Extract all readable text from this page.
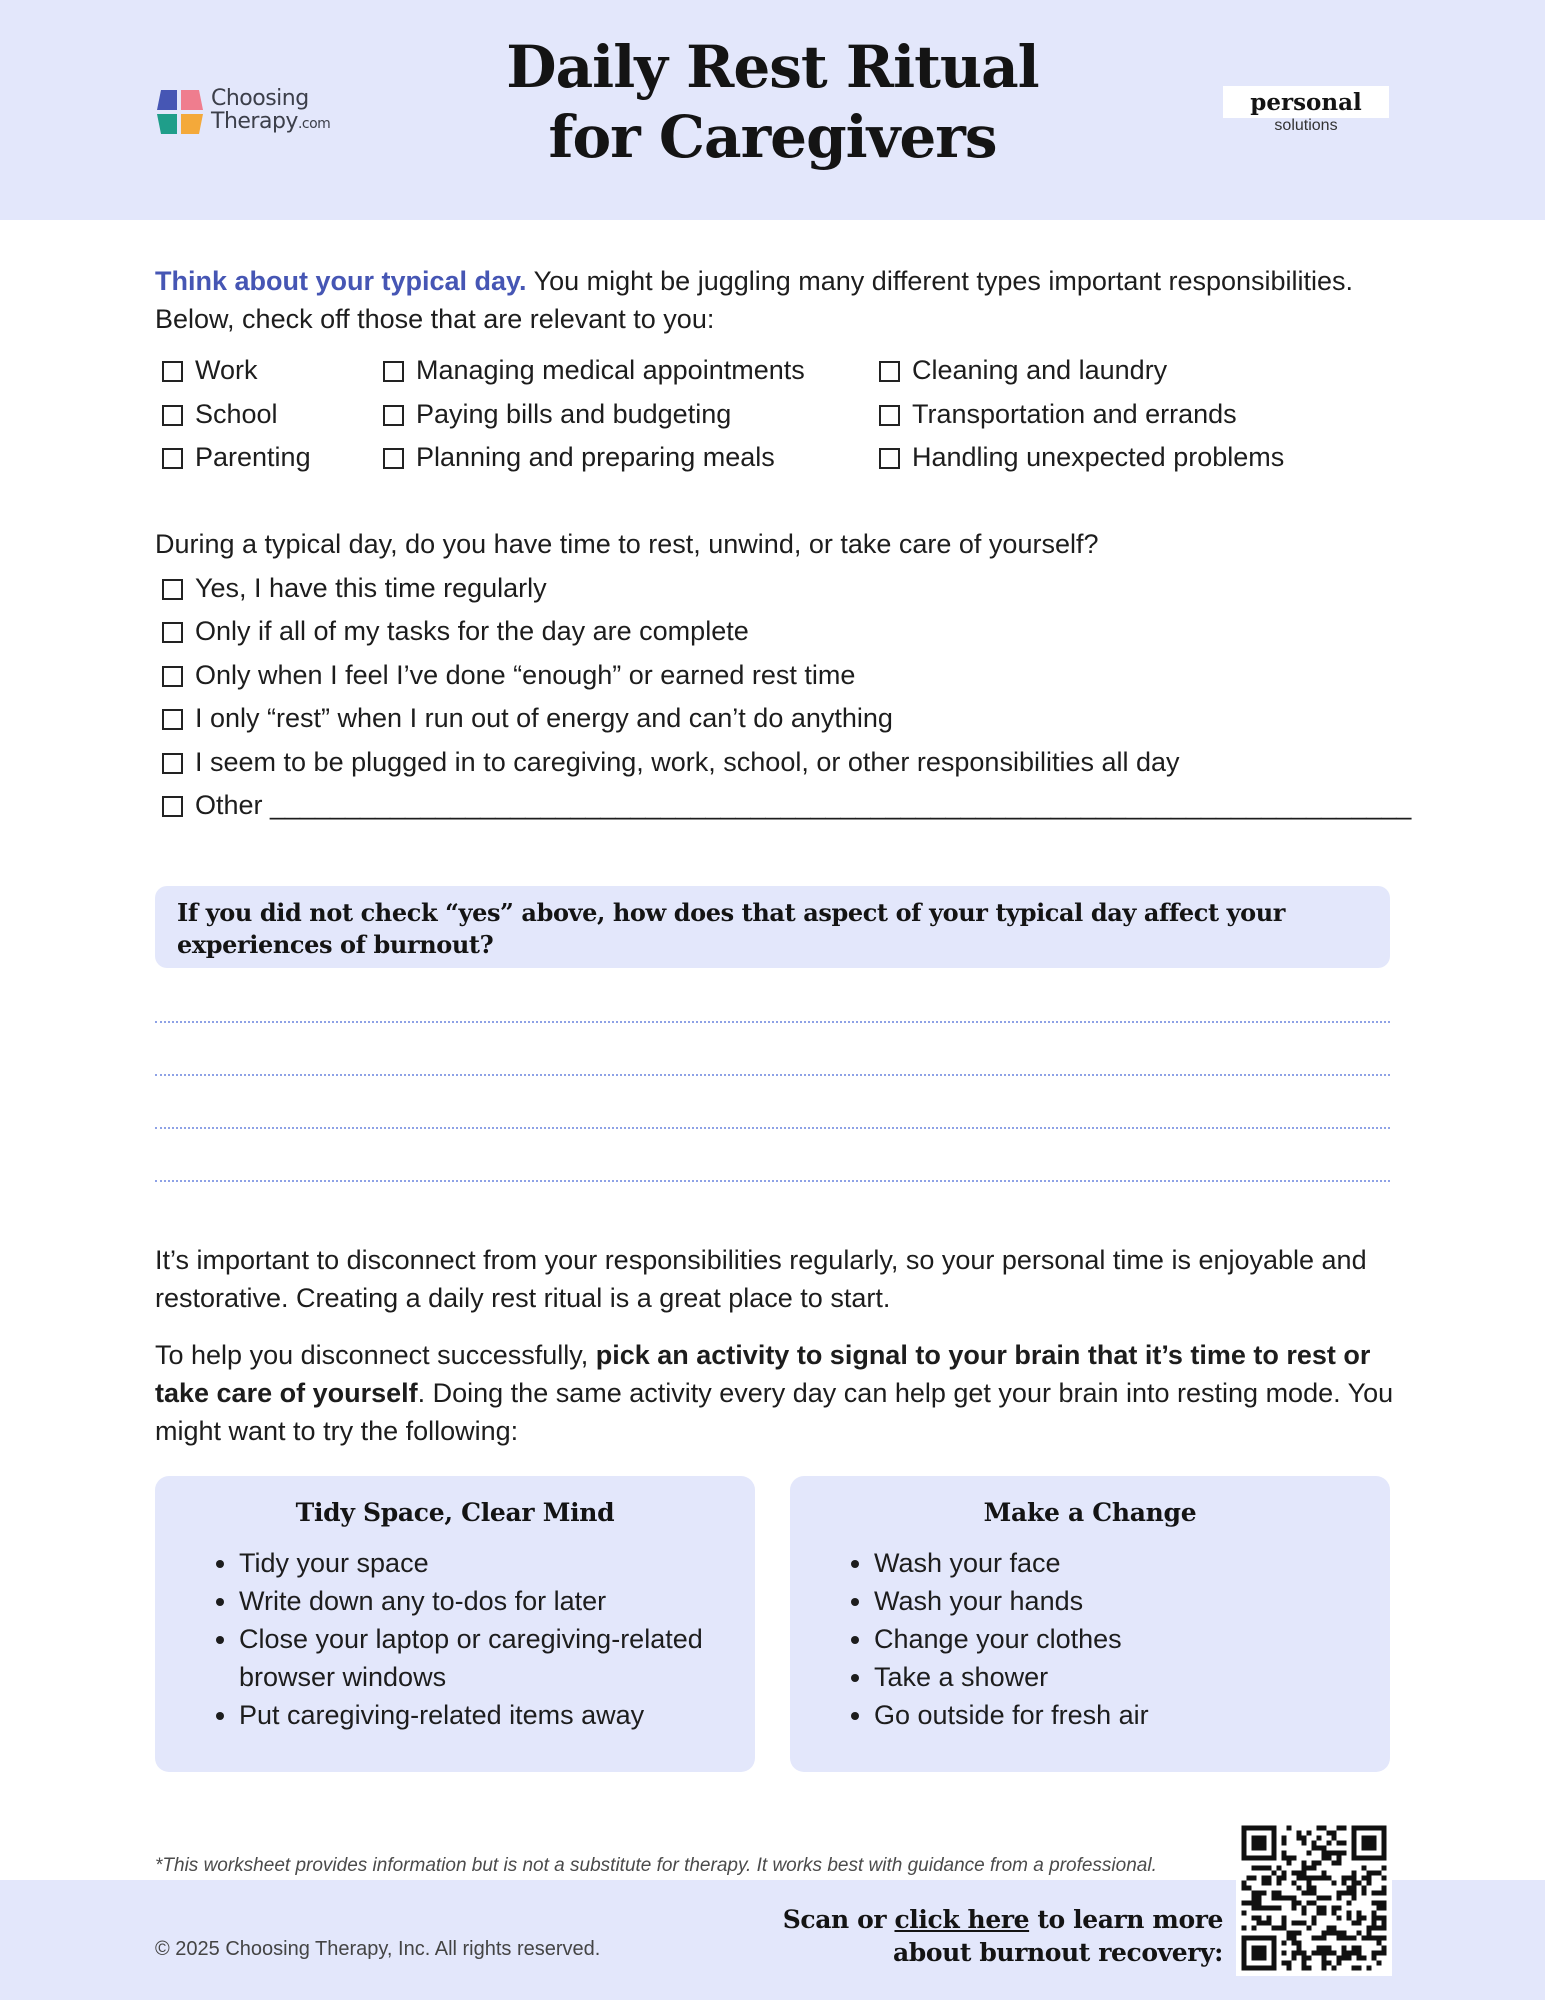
Choosing
Therapy.com
Daily Rest Ritual
for Caregivers
personal
solutions
Think about your typical day. You might be juggling many different types important responsibilities. Below, check off those that are relevant to you:
Work
School
Parenting
Managing medical appointments
Paying bills and budgeting
Planning and preparing meals
Cleaning and laundry
Transportation and errands
Handling unexpected problems
During a typical day, do you have time to rest, unwind, or take care of yourself?
Yes, I have this time regularly
Only if all of my tasks for the day are complete
Only when I feel I’ve done “enough” or earned rest time
I only “rest” when I run out of energy and can’t do anything
I seem to be plugged in to caregiving, work, school, or other responsibilities all day
Other ____________________________________________________________________________
If you did not check “yes” above, how does that aspect of your typical day affect your experiences of burnout?
It’s important to disconnect from your responsibilities regularly, so your personal time is enjoyable and restorative. Creating a daily rest ritual is a great place to start.
To help you disconnect successfully, pick an activity to signal to your brain that it’s time to rest or take care of yourself. Doing the same activity every day can help get your brain into resting mode. You might want to try the following:
Tidy Space, Clear Mind
• Tidy your space
• Write down any to-dos for later
• Close your laptop or caregiving-related browser windows
• Put caregiving-related items away
Make a Change
• Wash your face
• Wash your hands
• Change your clothes
• Take a shower
• Go outside for fresh air
*This worksheet provides information but is not a substitute for therapy. It works best with guidance from a professional.
© 2025 Choosing Therapy, Inc. All rights reserved.
Scan or click here to learn more
about burnout recovery:
